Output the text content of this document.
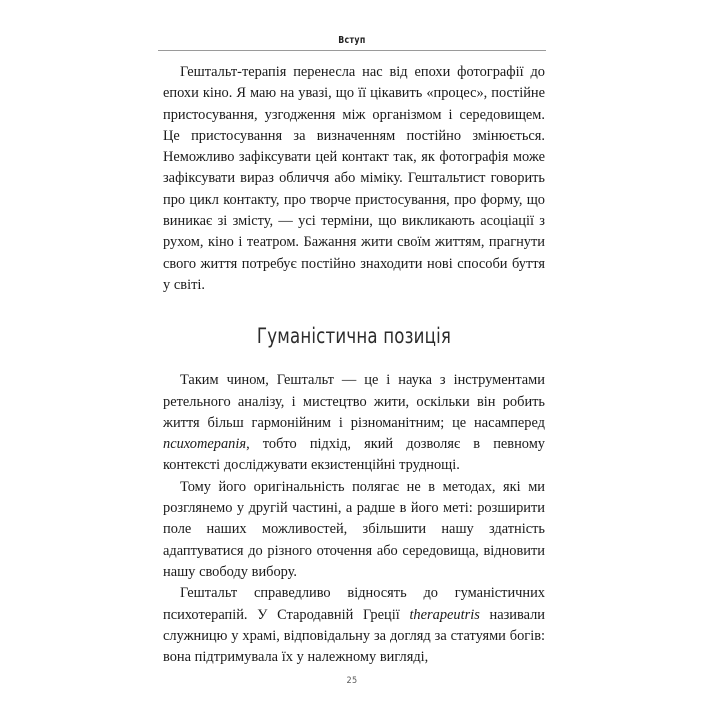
Вступ

Гештальт-терапія перенесла нас від епохи фотографії до епохи кіно. Я маю на увазі, що її цікавить «процес», постійне пристосування, узгодження між організмом і середовищем. Це пристосування за визначенням постійно змінюється. Неможливо зафіксувати цей контакт так, як фотографія може зафіксувати вираз обличчя або міміку. Гештальтист говорить про цикл контакту, про творче пристосування, про форму, що виникає зі змісту, — усі терміни, що викликають асоціації з рухом, кіно і театром. Бажання жити своїм життям, прагнути свого життя потребує постійно знаходити нові способи буття у світі.

Гуманістична позиція

Таким чином, Гештальт — це і наука з інструментами ретельного аналізу, і мистецтво жити, оскільки він робить життя більш гармонійним і різноманітним; це насамперед психотерапія, тобто підхід, який дозволяє в певному контексті досліджувати екзистенційні труднощі.

Тому його оригінальність полягає не в методах, які ми розглянемо у другій частині, а радше в його меті: розширити поле наших можливостей, збільшити нашу здатність адаптуватися до різного оточення або середовища, відновити нашу свободу вибору.

Гештальт справедливо відносять до гуманістичних психотерапій. У Стародавній Греції therapeutris називали служницю у храмі, відповідальну за догляд за статуями богів: вона підтримувала їх у належному вигляді,

25
